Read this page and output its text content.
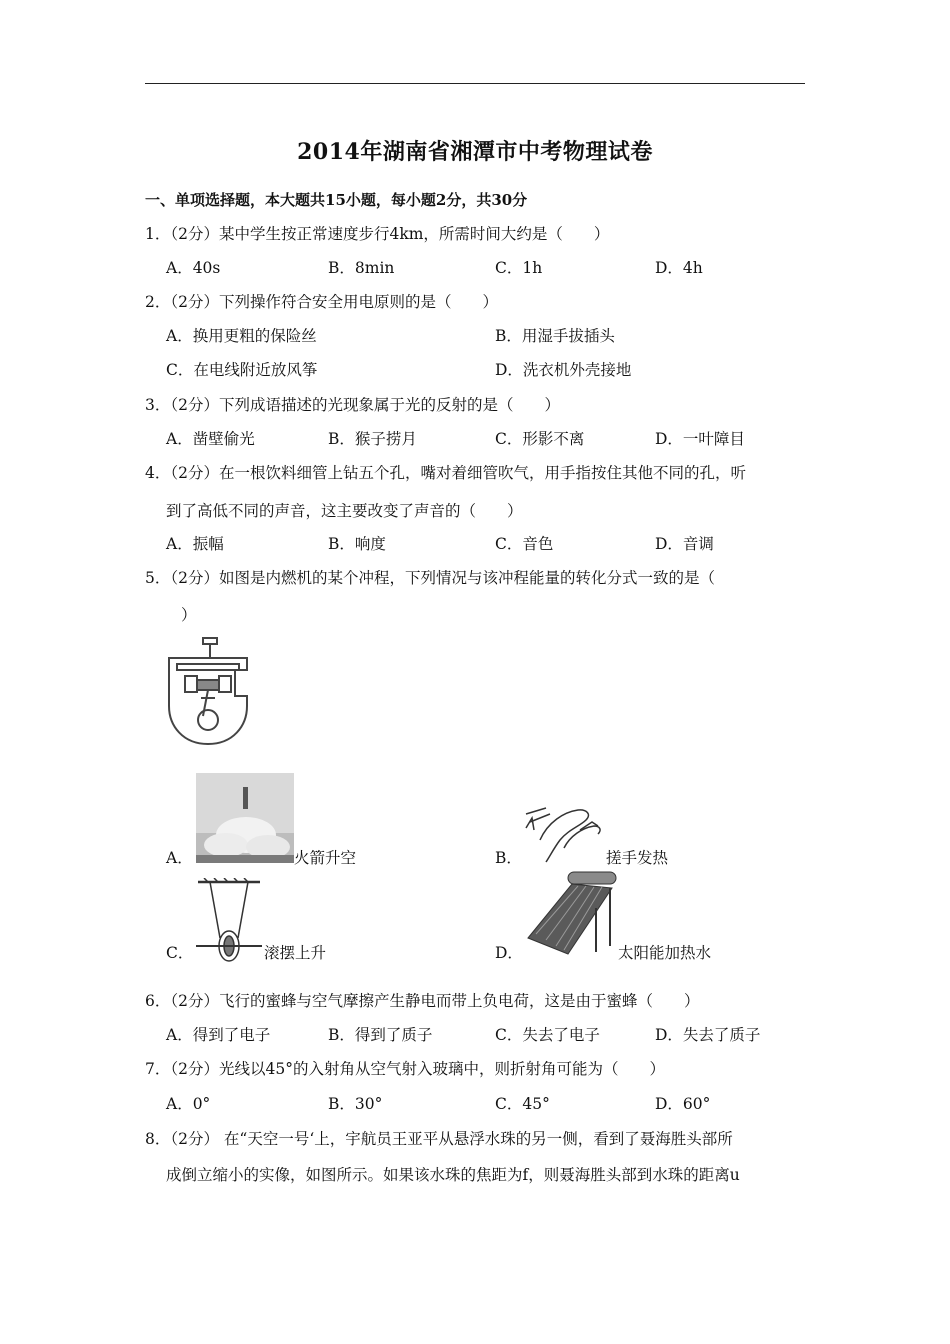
2014年湖南省湘潭市中考物理试卷
一、单项选择题，本大题共15小题，每小题2分，共30分
1．（2分）某中学生按正常速度步行4km，所需时间大约是（　　）
A．40s	B．8min	C．1h	D．4h
2．（2分）下列操作符合安全用电原则的是（　　）
A．换用更粗的保险丝	B．用湿手拔插头
C．在电线附近放风筝	D．洗衣机外壳接地
3．（2分）下列成语描述的光现象属于光的反射的是（　　）
A．凿壁偷光	B．猴子捞月	C．形影不离	D．一叶障目
4．（2分）在一根饮料细管上钻五个孔，嘴对着细管吹气，用手指按住其他不同的孔，听
到了高低不同的声音，这主要改变了声音的（　　）
A．振幅	B．响度	C．音色	D．音调
5．（2分）如图是内燃机的某个冲程，下列情况与该冲程能量的转化分式一致的是（
）
A．	火箭升空	B．	搓手发热
C．	滚摆上升	D．	太阳能加热水
6．（2分）飞行的蜜蜂与空气摩擦产生静电而带上负电荷，这是由于蜜蜂（　　）
A．得到了电子	B．得到了质子	C．失去了电子	D．失去了质子
7．（2分）光线以45°的入射角从空气射入玻璃中，则折射角可能为（　　）
A．0°	B．30°	C．45°	D．60°
8．（2分） 在“天空一号‘上，宇航员王亚平从悬浮水珠的另一侧，看到了聂海胜头部所
成倒立缩小的实像，如图所示。如果该水珠的焦距为f，则聂海胜头部到水珠的距离u
